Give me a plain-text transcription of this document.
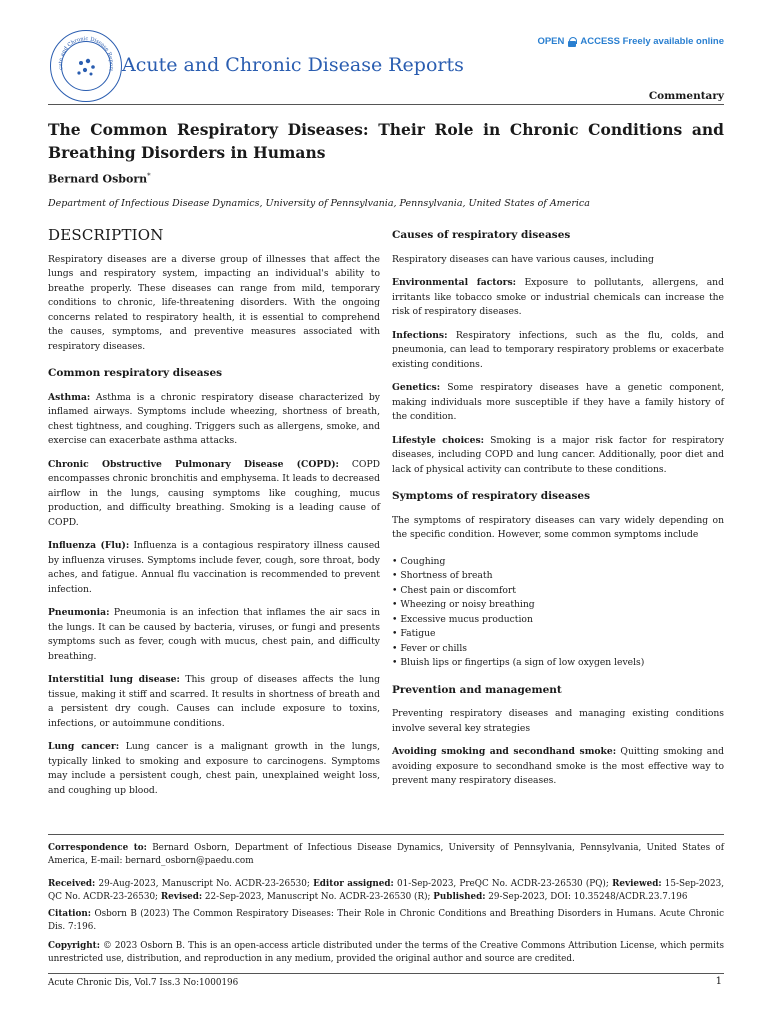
cute and Chronic Disease Report Acute and Chronic Disease Reports
OPEN ACCESS Freely available online
Commentary
The Common Respiratory Diseases: Their Role in Chronic Conditions and Breathing Disorders in Humans
Bernard Osborn*
Department of Infectious Disease Dynamics, University of Pennsylvania, Pennsylvania, United States of America
DESCRIPTION

Respiratory diseases are a diverse group of illnesses that affect the lungs and respiratory system, impacting an individual's ability to breathe properly. These diseases can range from mild, temporary conditions to chronic, life-threatening disorders. With the ongoing concerns related to respiratory health, it is essential to comprehend the causes, symptoms, and preventive measures associated with respiratory diseases.

Common respiratory diseases

Asthma: Asthma is a chronic respiratory disease characterized by inflamed airways. Symptoms include wheezing, shortness of breath, chest tightness, and coughing. Triggers such as allergens, smoke, and exercise can exacerbate asthma attacks.

Chronic Obstructive Pulmonary Disease (COPD): COPD encompasses chronic bronchitis and emphysema. It leads to decreased airflow in the lungs, causing symptoms like coughing, mucus production, and difficulty breathing. Smoking is a leading cause of COPD.

Influenza (Flu): Influenza is a contagious respiratory illness caused by influenza viruses. Symptoms include fever, cough, sore throat, body aches, and fatigue. Annual flu vaccination is recommended to prevent infection.

Pneumonia: Pneumonia is an infection that inflames the air sacs in the lungs. It can be caused by bacteria, viruses, or fungi and presents symptoms such as fever, cough with mucus, chest pain, and difficulty breathing.

Interstitial lung disease: This group of diseases affects the lung tissue, making it stiff and scarred. It results in shortness of breath and a persistent dry cough. Causes can include exposure to toxins, infections, or autoimmune conditions.

Lung cancer: Lung cancer is a malignant growth in the lungs, typically linked to smoking and exposure to carcinogens. Symptoms may include a persistent cough, chest pain, unexplained weight loss, and coughing up blood.

Causes of respiratory diseases

Respiratory diseases can have various causes, including

Environmental factors: Exposure to pollutants, allergens, and irritants like tobacco smoke or industrial chemicals can increase the risk of respiratory diseases.

Infections: Respiratory infections, such as the flu, colds, and pneumonia, can lead to temporary respiratory problems or exacerbate existing conditions.

Genetics: Some respiratory diseases have a genetic component, making individuals more susceptible if they have a family history of the condition.

Lifestyle choices: Smoking is a major risk factor for respiratory diseases, including COPD and lung cancer. Additionally, poor diet and lack of physical activity can contribute to these conditions.

Symptoms of respiratory diseases

The symptoms of respiratory diseases can vary widely depending on the specific condition. However, some common symptoms include

• Coughing
• Shortness of breath
• Chest pain or discomfort
• Wheezing or noisy breathing
• Excessive mucus production
• Fatigue
• Fever or chills
• Bluish lips or fingertips (a sign of low oxygen levels)
Prevention and management

Preventing respiratory diseases and managing existing conditions involve several key strategies

Avoiding smoking and secondhand smoke: Quitting smoking and avoiding exposure to secondhand smoke is the most effective way to prevent many respiratory diseases.

Correspondence to: Bernard Osborn, Department of Infectious Disease Dynamics, University of Pennsylvania, Pennsylvania, United States of America, E-mail: bernard_osborn@paedu.com
Received: 29-Aug-2023, Manuscript No. ACDR-23-26530; Editor assigned: 01-Sep-2023, PreQC No. ACDR-23-26530 (PQ); Reviewed: 15-Sep-2023, QC No. ACDR-23-26530; Revised: 22-Sep-2023, Manuscript No. ACDR-23-26530 (R); Published: 29-Sep-2023, DOI: 10.35248/ACDR.23.7.196
Citation: Osborn B (2023) The Common Respiratory Diseases: Their Role in Chronic Conditions and Breathing Disorders in Humans. Acute Chronic Dis. 7:196.
Copyright: © 2023 Osborn B. This is an open-access article distributed under the terms of the Creative Commons Attribution License, which permits unrestricted use, distribution, and reproduction in any medium, provided the original author and source are credited.
Acute Chronic Dis, Vol.7 Iss.3 No:1000196	1
